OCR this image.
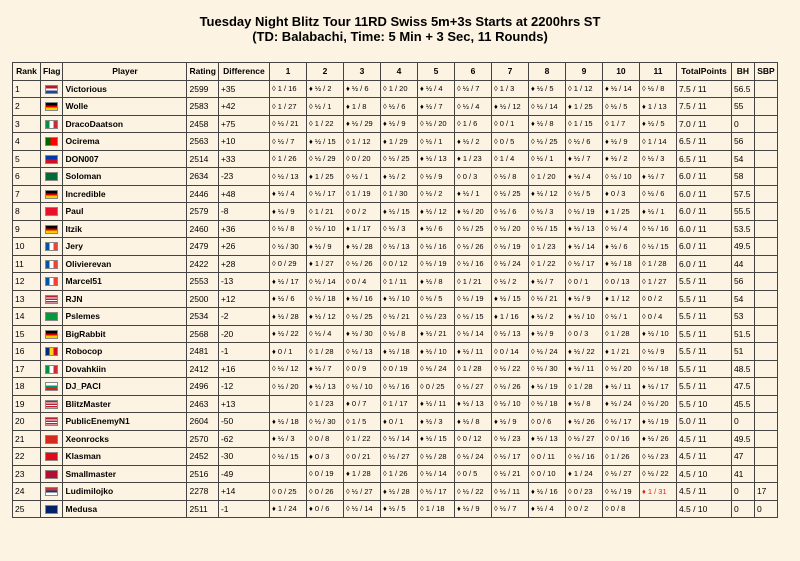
Tuesday Night Blitz Tour 11RD Swiss 5m+3s Starts at 2200hrs ST
(TD: Balabachi, Time: 5 Min + 3 Sec, 11 Rounds)
Rank	Flag	Player	Rating	Difference	1	2	3	4	5	6	7	8	9	10	11	TotalPoints	BH	SBP
1		Victorious	2599	+35	◊ 1 / 16	♦ ½ / 2	♦ ½ / 6	◊ 1 / 20	♦ ½ / 4	◊ ½ / 7	◊ 1 / 3	♦ ½ / 5	◊ 1 / 12	♦ ½ / 14	◊ ½ / 8	7.5 / 11	56.5	
2		Wolle	2583	+42	◊ 1 / 27	◊ ½ / 1	♦ 1 / 8	◊ ½ / 6	♦ ½ / 7	◊ ½ / 4	♦ ½ / 12	◊ ½ / 14	♦ 1 / 25	◊ ½ / 5	♦ 1 / 13	7.5 / 11	55	
3		DracoDaatson	2458	+75	◊ ½ / 21	◊ 1 / 22	♦ ½ / 29	♦ ½ / 9	◊ ½ / 20	◊ 1 / 6	◊ 0 / 1	♦ ½ / 8	◊ 1 / 15	◊ 1 / 7	♦ ½ / 5	7.0 / 11	0	
4		Ocirema	2563	+10	◊ ½ / 7	♦ ½ / 15	◊ 1 / 12	♦ 1 / 29	◊ ½ / 1	♦ ½ / 2	◊ 0 / 5	◊ ½ / 25	◊ ½ / 6	♦ ½ / 9	◊ 1 / 14	6.5 / 11	56	
5		DON007	2514	+33	◊ 1 / 26	◊ ½ / 29	◊ 0 / 20	◊ ½ / 25	♦ ½ / 13	♦ 1 / 23	◊ 1 / 4	◊ ½ / 1	♦ ½ / 7	♦ ½ / 2	◊ ½ / 3	6.5 / 11	54	
6		Soloman	2634	-23	◊ ½ / 13	♦ 1 / 25	◊ ½ / 1	♦ ½ / 2	◊ ½ / 9	◊ 0 / 3	◊ ½ / 8	◊ 1 / 20	♦ ½ / 4	◊ ½ / 10	♦ ½ / 7	6.0 / 11	58	
7		Incredible	2446	+48	♦ ½ / 4	◊ ½ / 17	◊ 1 / 19	◊ 1 / 30	◊ ½ / 2	♦ ½ / 1	◊ ½ / 25	♦ ½ / 12	◊ ½ / 5	♦ 0 / 3	◊ ½ / 6	6.0 / 11	57.5	
8		Paul	2579	-8	♦ ½ / 9	◊ 1 / 21	◊ 0 / 2	♦ ½ / 15	♦ ½ / 12	♦ ½ / 20	◊ ½ / 6	◊ ½ / 3	◊ ½ / 19	♦ 1 / 25	♦ ½ / 1	6.0 / 11	55.5	
9		Itzik	2460	+36	◊ ½ / 8	◊ ½ / 10	♦ 1 / 17	◊ ½ / 3	♦ ½ / 6	◊ ½ / 25	◊ ½ / 20	◊ ½ / 15	♦ ½ / 13	◊ ½ / 4	◊ ½ / 16	6.0 / 11	53.5	
10		Jery	2479	+26	◊ ½ / 30	♦ ½ / 9	♦ ½ / 28	◊ ½ / 13	◊ ½ / 16	◊ ½ / 26	◊ ½ / 19	◊ 1 / 23	♦ ½ / 14	♦ ½ / 6	◊ ½ / 15	6.0 / 11	49.5	
11		Olivierevan	2422	+28	◊ 0 / 29	♦ 1 / 27	◊ ½ / 26	◊ 0 / 12	◊ ½ / 19	◊ ½ / 16	◊ ½ / 24	◊ 1 / 22	◊ ½ / 17	♦ ½ / 18	◊ 1 / 28	6.0 / 11	44	
12		Marcel51	2553	-13	♦ ½ / 17	◊ ½ / 14	◊ 0 / 4	◊ 1 / 11	♦ ½ / 8	◊ 1 / 21	◊ ½ / 2	♦ ½ / 7	◊ 0 / 1	◊ 0 / 13	◊ 1 / 27	5.5 / 11	56	
13		RJN	2500	+12	♦ ½ / 6	◊ ½ / 18	♦ ½ / 16	♦ ½ / 10	◊ ½ / 5	◊ ½ / 19	♦ ½ / 15	◊ ½ / 21	♦ ½ / 9	♦ 1 / 12	◊ 0 / 2	5.5 / 11	54	
14		Pslemes	2534	-2	♦ ½ / 28	♦ ½ / 12	◊ ½ / 25	◊ ½ / 21	◊ ½ / 23	◊ ½ / 15	♦ 1 / 16	♦ ½ / 2	♦ ½ / 10	◊ ½ / 1	◊ 0 / 4	5.5 / 11	53	
15		BigRabbit	2568	-20	♦ ½ / 22	◊ ½ / 4	♦ ½ / 30	◊ ½ / 8	♦ ½ / 21	◊ ½ / 14	◊ ½ / 13	♦ ½ / 9	◊ 0 / 3	◊ 1 / 28	♦ ½ / 10	5.5 / 11	51.5	
16		Robocop	2481	-1	♦ 0 / 1	◊ 1 / 28	◊ ½ / 13	♦ ½ / 18	♦ ½ / 10	♦ ½ / 11	◊ 0 / 14	◊ ½ / 24	♦ ½ / 22	♦ 1 / 21	◊ ½ / 9	5.5 / 11	51	
17		Dovahkiin	2412	+16	◊ ½ / 12	♦ ½ / 7	◊ 0 / 9	◊ 0 / 19	◊ ½ / 24	◊ 1 / 28	◊ ½ / 22	◊ ½ / 30	♦ ½ / 11	◊ ½ / 20	◊ ½ / 18	5.5 / 11	48.5	
18		DJ_PACI	2496	-12	◊ ½ / 20	♦ ½ / 13	◊ ½ / 10	◊ ½ / 16	◊ 0 / 25	◊ ½ / 27	◊ ½ / 26	♦ ½ / 19	◊ 1 / 28	♦ ½ / 11	♦ ½ / 17	5.5 / 11	47.5	
19		BlitzMaster	2463	+13		◊ 1 / 23	♦ 0 / 7	◊ 1 / 17	♦ ½ / 11	♦ ½ / 13	◊ ½ / 10	◊ ½ / 18	♦ ½ / 8	♦ ½ / 24	◊ ½ / 20	5.5 / 10	45.5	
20		PublicEnemyN1	2604	-50	♦ ½ / 18	◊ ½ / 30	◊ 1 / 5	♦ 0 / 1	♦ ½ / 3	♦ ½ / 8	♦ ½ / 9	◊ 0 / 6	♦ ½ / 26	◊ ½ / 17	♦ ½ / 19	5.0 / 11	0	
21		Xeonrocks	2570	-62	♦ ½ / 3	◊ 0 / 8	◊ 1 / 22	◊ ½ / 14	♦ ½ / 15	◊ 0 / 12	◊ ½ / 23	♦ ½ / 13	◊ ½ / 27	◊ 0 / 16	♦ ½ / 26	4.5 / 11	49.5	
22		Klasman	2452	-30	◊ ½ / 15	♦ 0 / 3	◊ 0 / 21	◊ ½ / 27	◊ ½ / 28	◊ ½ / 24	◊ ½ / 17	◊ 0 / 11	◊ ½ / 16	◊ 1 / 26	◊ ½ / 23	4.5 / 11	47	
23		Smallmaster	2516	-49		◊ 0 / 19	♦ 1 / 28	◊ 1 / 26	◊ ½ / 14	◊ 0 / 5	◊ ½ / 21	◊ 0 / 10	♦ 1 / 24	◊ ½ / 27	◊ ½ / 22	4.5 / 10	41	
24		Ludimilojko	2278	+14	◊ 0 / 25	◊ 0 / 26	◊ ½ / 27	♦ ½ / 28	◊ ½ / 17	◊ ½ / 22	◊ ½ / 11	♦ ½ / 16	◊ 0 / 23	◊ ½ / 19	♦ 1 / 31	4.5 / 11	0	17
25		Medusa	2511	-1	♦ 1 / 24	♦ 0 / 6	◊ ½ / 14	♦ ½ / 5	◊ 1 / 18	♦ ½ / 9	◊ ½ / 7	♦ ½ / 4	◊ 0 / 2	◊ 0 / 8		4.5 / 10	0	0
